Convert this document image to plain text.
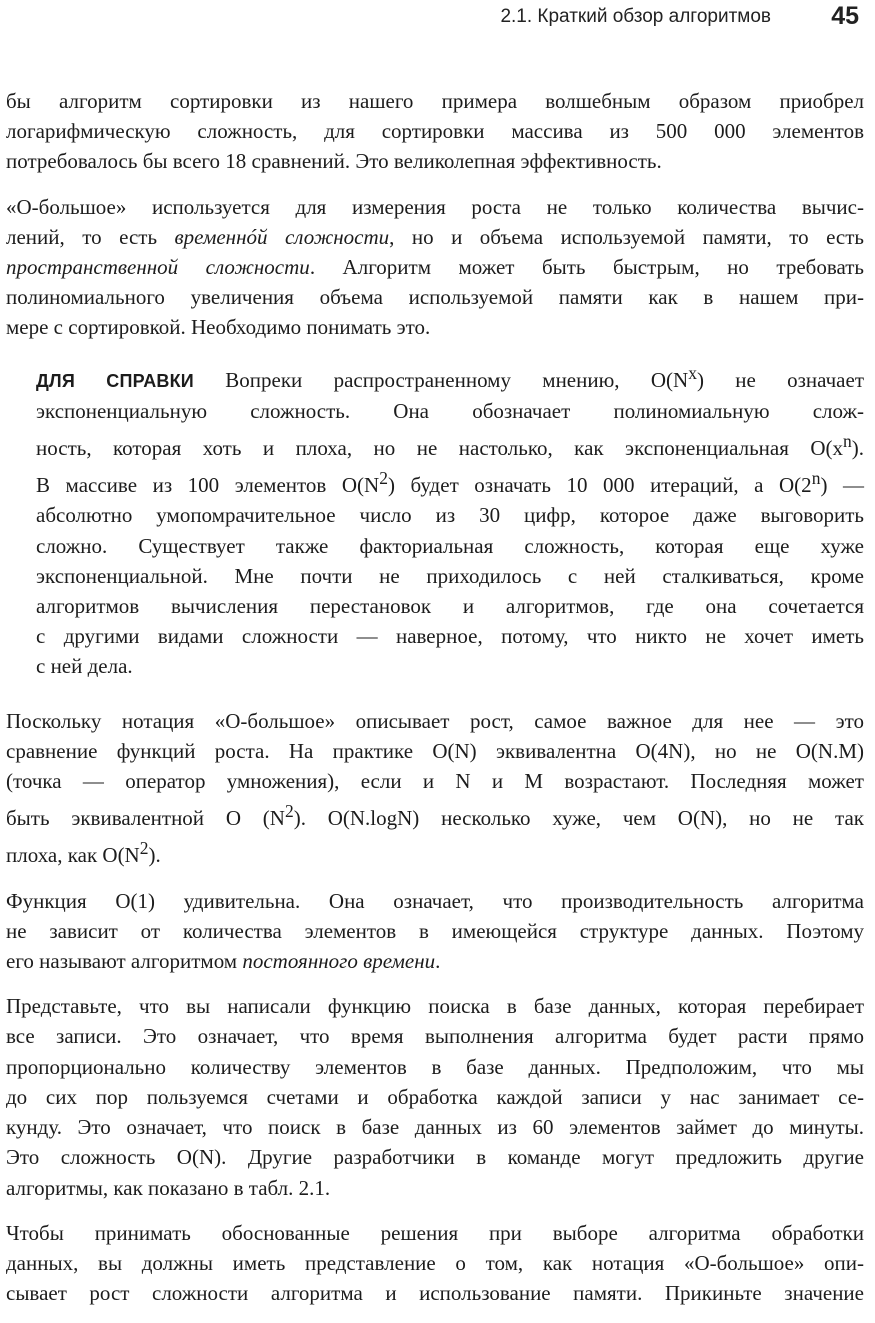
2.1. Краткий обзор алгоритмов 45

бы алгоритм сортировки из нашего примера волшебным образом приобрел
логарифмическую сложность, для сортировки массива из 500 000 элементов
потребовалось бы всего 18 сравнений. Это великолепная эффективность.

«О-большое» используется для измерения роста не только количества вычис-
лений, то есть временнóй сложности, но и объема используемой памяти, то есть
пространственной сложности. Алгоритм может быть быстрым, но требовать
полиномиального увеличения объема используемой памяти как в нашем при-
мере с сортировкой. Необходимо понимать это.

ДЛЯ СПРАВКИ Вопреки распространенному мнению, $O(N^x)$ не означает
экспоненциальную сложность. Она обозначает полиномиальную слож-
ность, которая хоть и плоха, но не настолько, как экспоненциальная $O(x^n)$.
В массиве из 100 элементов $O(N^2)$ будет означать 10 000 итераций, а O(2$^n$) —
абсолютно умопомрачительное число из 30 цифр, которое даже выговорить
сложно. Существует также факториальная сложность, которая еще хуже
экспоненциальной. Мне почти не приходилось с ней сталкиваться, кроме
алгоритмов вычисления перестановок и алгоритмов, где она сочетается
с другими видами сложности — наверное, потому, что никто не хочет иметь
с ней дела.

Поскольку нотация «О-большое» описывает рост, самое важное для нее — это
сравнение функций роста. На практике O(N) эквивалентна O(4N), но не O(N.M)
(точка — оператор умножения), если и N и M возрастают. Последняя может
быть эквивалентной O $(N^2)$. O(N.logN) несколько хуже, чем O(N), но не так
плоха, как $O(N^2)$.

Функция O(1) удивительна. Она означает, что производительность алгоритма
не зависит от количества элементов в имеющейся структуре данных. Поэтому
его называют алгоритмом постоянного времени.

Представьте, что вы написали функцию поиска в базе данных, которая перебирает
все записи. Это означает, что время выполнения алгоритма будет расти прямо
пропорционально количеству элементов в базе данных. Предположим, что мы
до сих пор пользуемся счетами и обработка каждой записи у нас занимает се-
кунду. Это означает, что поиск в базе данных из 60 элементов займет до минуты.
Это сложность O(N). Другие разработчики в команде могут предложить другие
алгоритмы, как показано в табл. 2.1.

Чтобы принимать обоснованные решения при выборе алгоритма обработки
данных, вы должны иметь представление о том, как нотация «О-большое» опи-
сывает рост сложности алгоритма и использование памяти. Прикиньте значение
